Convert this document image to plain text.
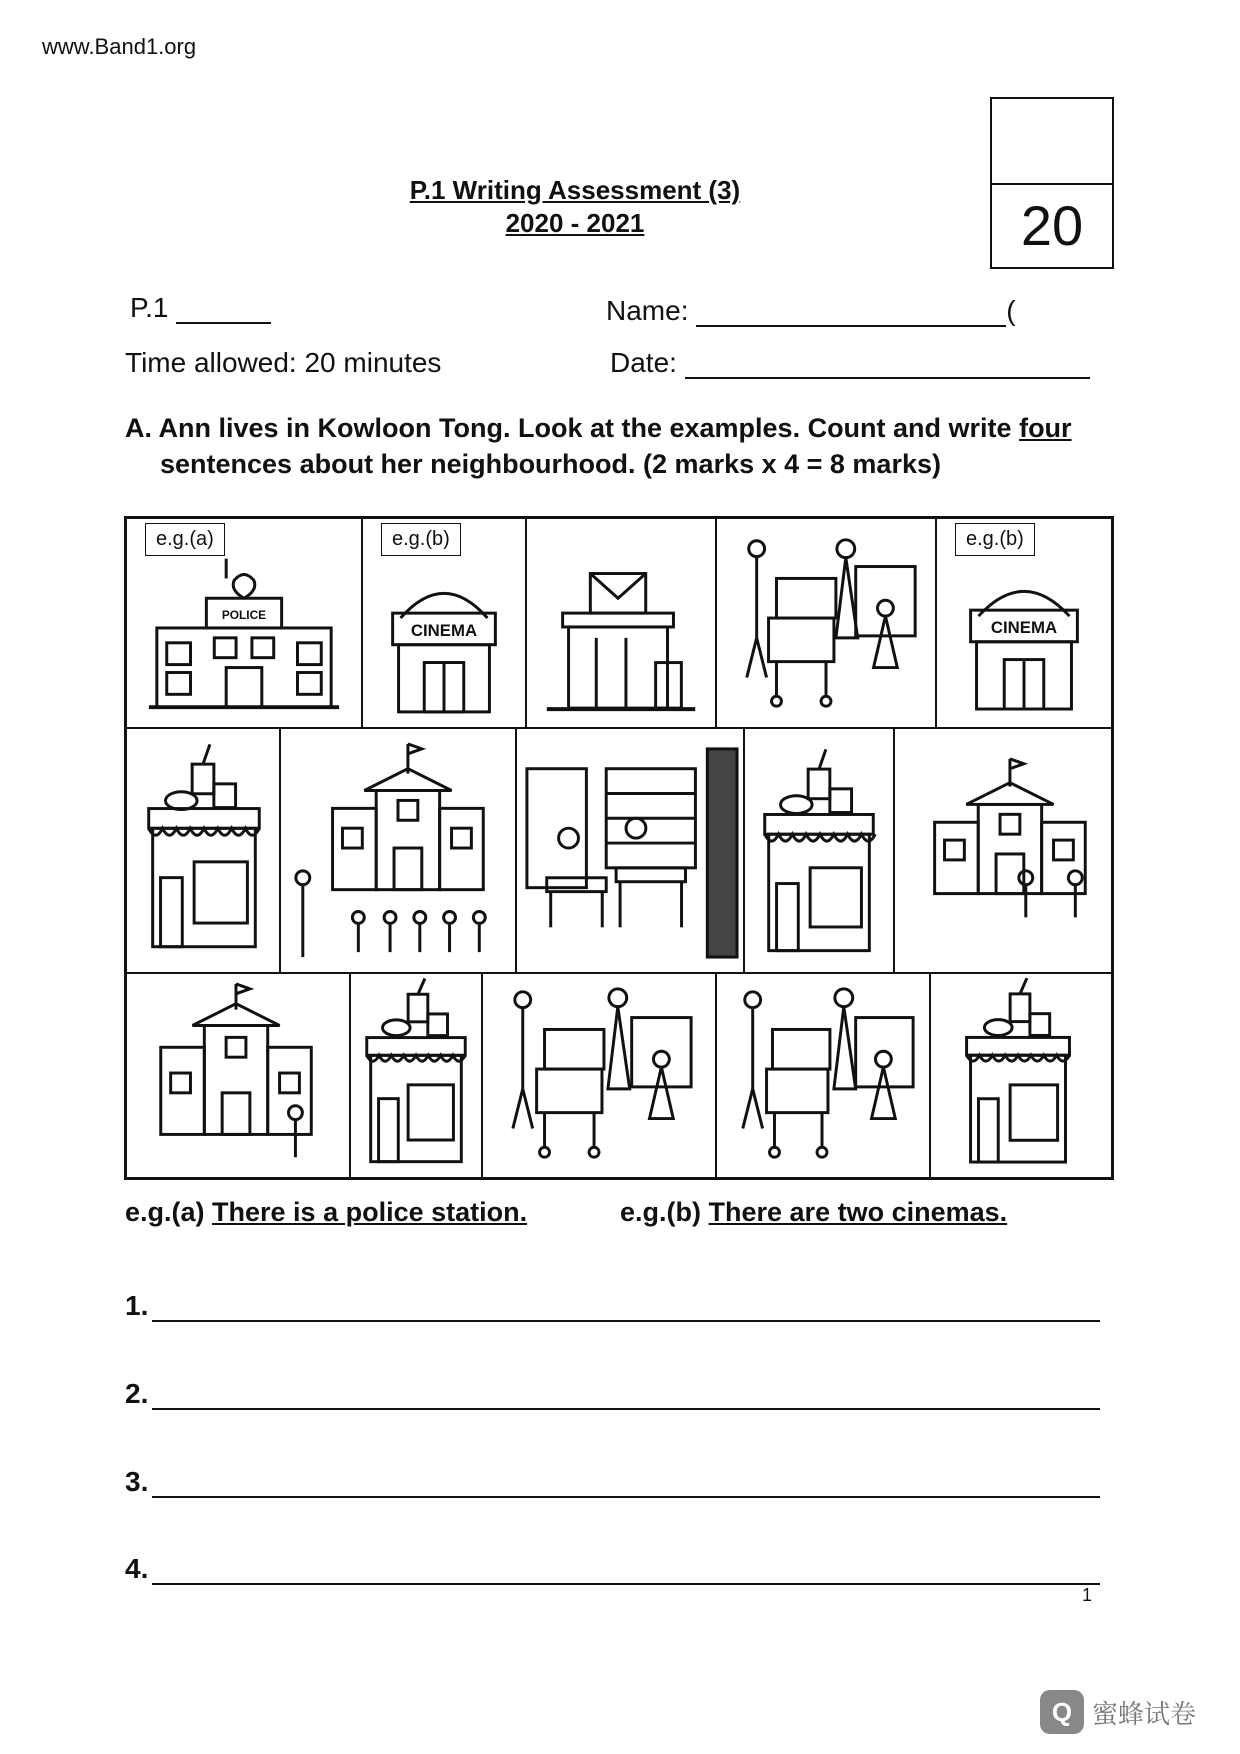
www.Band1.org
P.1 Writing Assessment (3)
2020 - 2021	20
P.1	Name:	(
Time allowed: 20 minutes	Date:
A. Ann lives in Kowloon Tong. Look at the examples. Count and write four
sentences about her neighbourhood. (2 marks x 4 = 8 marks)
e.g.(a)
POLICE
e.g.(b)
CINEMA
e.g.(b)
CINEMA
e.g.(a) There is a police station.	e.g.(b) There are two cinemas.
1.
2.
3.
4.
1
Q 蜜蜂试卷
